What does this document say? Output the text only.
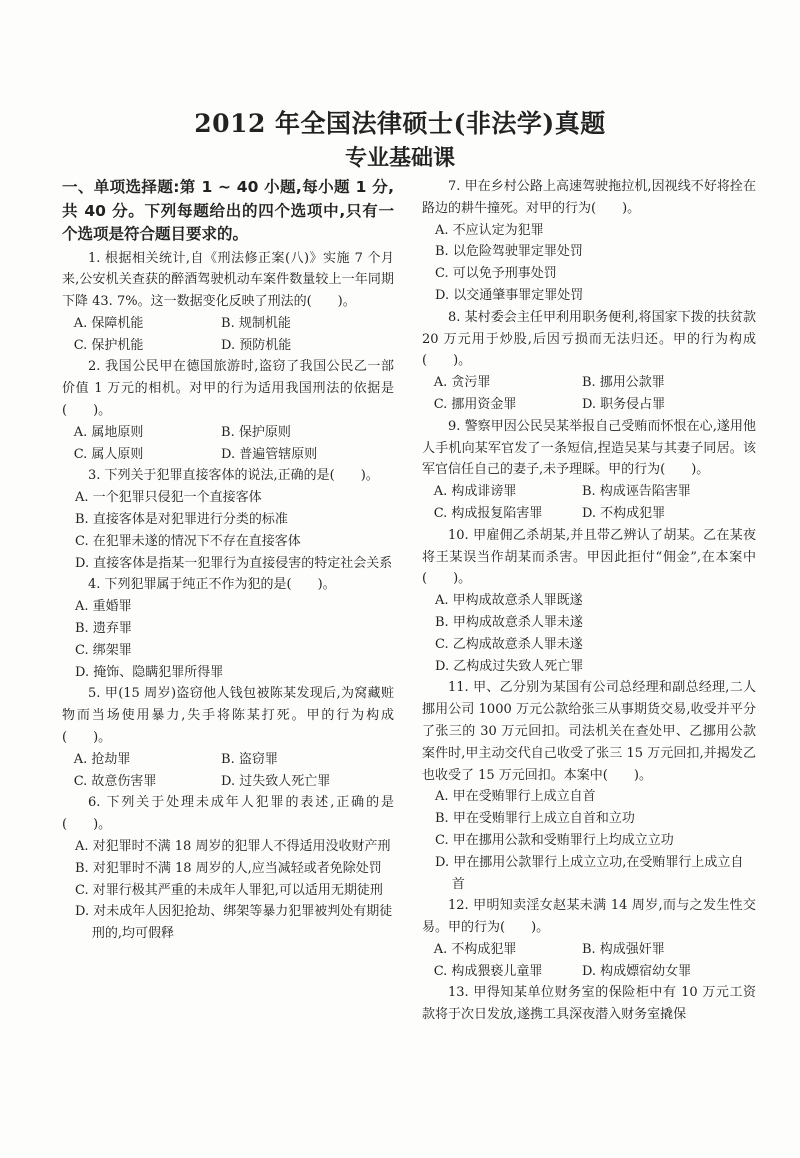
2012 年全国法律硕士(非法学)真题
专业基础课
一、单项选择题:第 1 ~ 40 小题,每小题 1 分,共 40 分。下列每题给出的四个选项中,只有一个选项是符合题目要求的。
1. 根据相关统计,自《刑法修正案(八)》实施 7 个月来,公安机关查获的醉酒驾驶机动车案件数量较上一年同期下降 43. 7%。这一数据变化反映了刑法的(　　)。
A. 保障机能	B. 规制机能
C. 保护机能	D. 预防机能
2. 我国公民甲在德国旅游时,盗窃了我国公民乙一部价值 1 万元的相机。对甲的行为适用我国刑法的依据是(　　)。
A. 属地原则	B. 保护原则
C. 属人原则	D. 普遍管辖原则
3. 下列关于犯罪直接客体的说法,正确的是(　　)。
A. 一个犯罪只侵犯一个直接客体
B. 直接客体是对犯罪进行分类的标准
C. 在犯罪未遂的情况下不存在直接客体
D. 直接客体是指某一犯罪行为直接侵害的特定社会关系
4. 下列犯罪属于纯正不作为犯的是(　　)。
A. 重婚罪
B. 遗弃罪
C. 绑架罪
D. 掩饰、隐瞒犯罪所得罪
5. 甲(15 周岁)盗窃他人钱包被陈某发现后,为窝藏赃物而当场使用暴力,失手将陈某打死。甲的行为构成(　　)。
A. 抢劫罪	B. 盗窃罪
C. 故意伤害罪	D. 过失致人死亡罪
6. 下列关于处理未成年人犯罪的表述,正确的是(　　)。
A. 对犯罪时不满 18 周岁的犯罪人不得适用没收财产刑
B. 对犯罪时不满 18 周岁的人,应当减轻或者免除处罚
C. 对罪行极其严重的未成年人罪犯,可以适用无期徒刑
D. 对未成年人因犯抢劫、绑架等暴力犯罪被判处有期徒刑的,均可假释
7. 甲在乡村公路上高速驾驶拖拉机,因视线不好将拴在路边的耕牛撞死。对甲的行为(　　)。
A. 不应认定为犯罪
B. 以危险驾驶罪定罪处罚
C. 可以免予刑事处罚
D. 以交通肇事罪定罪处罚
8. 某村委会主任甲利用职务便利,将国家下拨的扶贫款 20 万元用于炒股,后因亏损而无法归还。甲的行为构成(　　)。
A. 贪污罪	B. 挪用公款罪
C. 挪用资金罪	D. 职务侵占罪
9. 警察甲因公民吴某举报自己受贿而怀恨在心,遂用他人手机向某军官发了一条短信,捏造吴某与其妻子同居。该军官信任自己的妻子,未予理睬。甲的行为(　　)。
A. 构成诽谤罪	B. 构成诬告陷害罪
C. 构成报复陷害罪	D. 不构成犯罪
10. 甲雇佣乙杀胡某,并且带乙辨认了胡某。乙在某夜将王某误当作胡某而杀害。甲因此拒付“佣金”,在本案中(　　)。
A. 甲构成故意杀人罪既遂
B. 甲构成故意杀人罪未遂
C. 乙构成故意杀人罪未遂
D. 乙构成过失致人死亡罪
11. 甲、乙分别为某国有公司总经理和副总经理,二人挪用公司 1000 万元公款给张三从事期货交易,收受并平分了张三的 30 万元回扣。司法机关在查处甲、乙挪用公款案件时,甲主动交代自己收受了张三 15 万元回扣,并揭发乙也收受了 15 万元回扣。本案中(　　)。
A. 甲在受贿罪行上成立自首
B. 甲在受贿罪行上成立自首和立功
C. 甲在挪用公款和受贿罪行上均成立立功
D. 甲在挪用公款罪行上成立立功,在受贿罪行上成立自首
12. 甲明知卖淫女赵某未满 14 周岁,而与之发生性交易。甲的行为(　　)。
A. 不构成犯罪	B. 构成强奸罪
C. 构成猥亵儿童罪	D. 构成嫖宿幼女罪
13. 甲得知某单位财务室的保险柜中有 10 万元工资款将于次日发放,遂携工具深夜潜入财务室撬保
